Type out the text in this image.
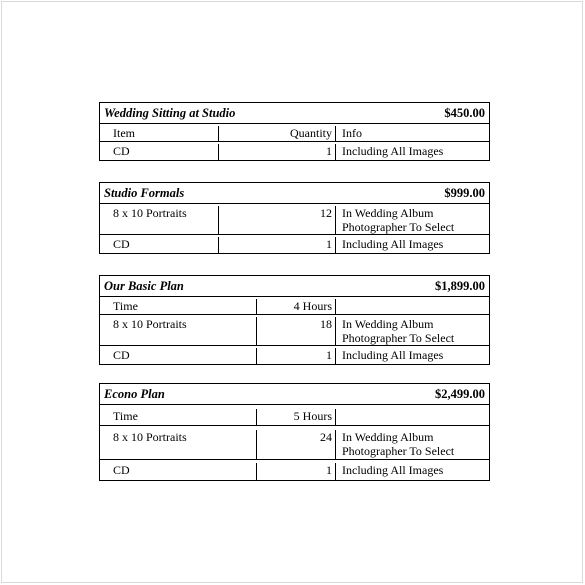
Wedding Sitting at Studio	$450.00
Item	Quantity Info
CD	1 Including All Images
Studio Formals	$999.00
8 x 10 Portraits	12 In Wedding Album
Photographer To Select
CD	1 Including All Images
Our Basic Plan	$1,899.00
Time	4 Hours
8 x 10 Portraits	18 In Wedding Album
Photographer To Select
CD	1 Including All Images
Econo Plan	$2,499.00
Time	5 Hours
8 x 10 Portraits	24 In Wedding Album
Photographer To Select
CD	1 Including All Images
